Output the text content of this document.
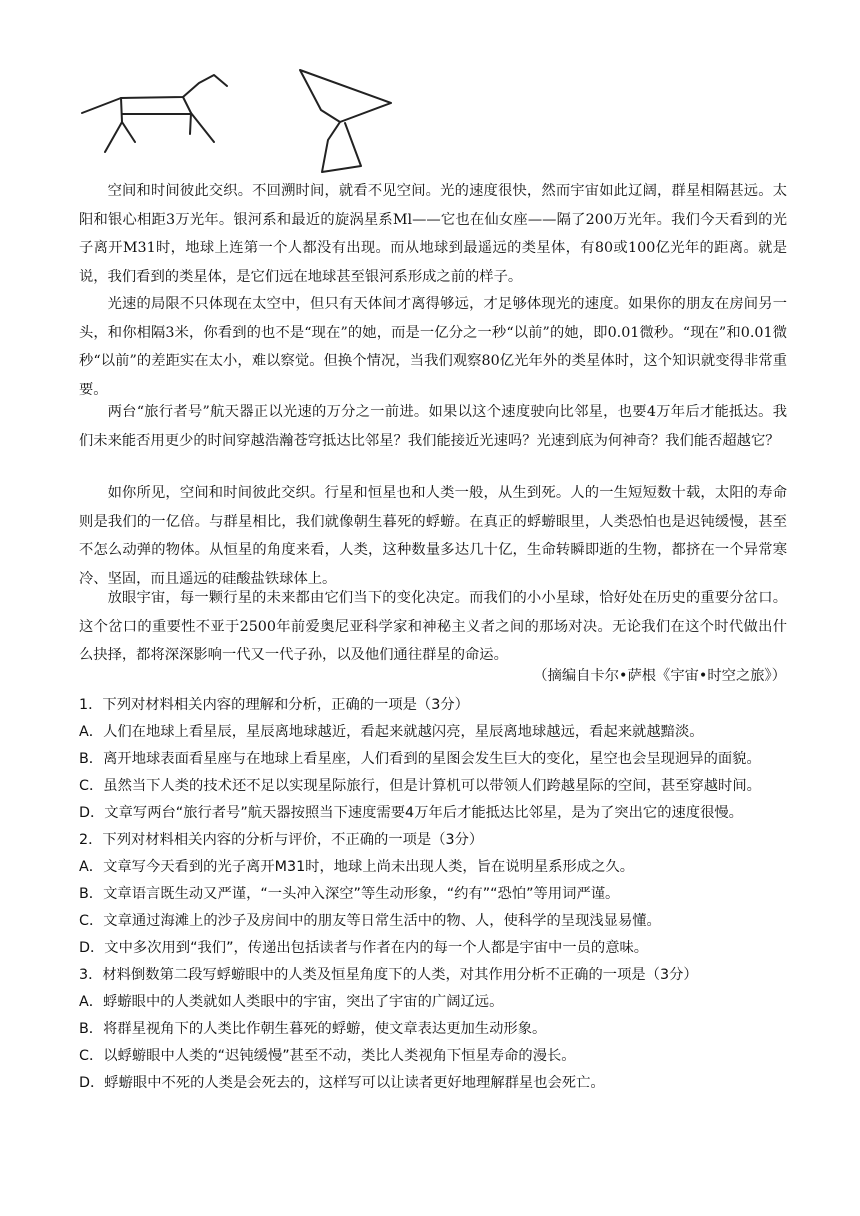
空间和时间彼此交织。不回溯时间，就看不见空间。光的速度很快，然而宇宙如此辽阔，群星相隔甚远。太阳和银心相距3万光年。银河系和最近的旋涡星系Ml——它也在仙女座——隔了200万光年。我们今天看到的光子离开M31时，地球上连第一个人都没有出现。而从地球到最遥远的类星体，有80或100亿光年的距离。就是说，我们看到的类星体，是它们远在地球甚至银河系形成之前的样子。

光速的局限不只体现在太空中，但只有天体间才离得够远，才足够体现光的速度。如果你的朋友在房间另一头，和你相隔3米，你看到的也不是“现在”的她，而是一亿分之一秒“以前”的她，即0.01微秒。“现在”和0.01微秒“以前”的差距实在太小，难以察觉。但换个情况，当我们观察80亿光年外的类星体时，这个知识就变得非常重要。

两台“旅行者号”航天器正以光速的万分之一前进。如果以这个速度驶向比邻星，也要4万年后才能抵达。我们未来能否用更少的时间穿越浩瀚苍穹抵达比邻星？我们能接近光速吗？光速到底为何神奇？我们能否超越它？

如你所见，空间和时间彼此交织。行星和恒星也和人类一般，从生到死。人的一生短短数十载，太阳的寿命则是我们的一亿倍。与群星相比，我们就像朝生暮死的蜉蝣。在真正的蜉蝣眼里，人类恐怕也是迟钝缓慢，甚至不怎么动弹的物体。从恒星的角度来看，人类，这种数量多达几十亿，生命转瞬即逝的生物，都挤在一个异常寒冷、坚固，而且遥远的硅酸盐铁球体上。

放眼宇宙，每一颗行星的未来都由它们当下的变化决定。而我们的小小星球，恰好处在历史的重要分岔口。这个岔口的重要性不亚于2500年前爱奥尼亚科学家和神秘主义者之间的那场对决。无论我们在这个时代做出什么抉择，都将深深影响一代又一代子孙，以及他们通往群星的命运。

（摘编自卡尔•萨根《宇宙•时空之旅》）

1．下列对材料相关内容的理解和分析，正确的一项是（3分）

A．人们在地球上看星辰，星辰离地球越近，看起来就越闪亮，星辰离地球越远，看起来就越黯淡。

B．离开地球表面看星座与在地球上看星座，人们看到的星图会发生巨大的变化，星空也会呈现迥异的面貌。

C．虽然当下人类的技术还不足以实现星际旅行，但是计算机可以带领人们跨越星际的空间，甚至穿越时间。

D．文章写两台“旅行者号”航天器按照当下速度需要4万年后才能抵达比邻星，是为了突出它的速度很慢。

2．下列对材料相关内容的分析与评价，不正确的一项是（3分）

A．文章写今天看到的光子离开M31时，地球上尚未出现人类，旨在说明星系形成之久。

B．文章语言既生动又严谨，“一头冲入深空”等生动形象，“约有”“恐怕”等用词严谨。

C．文章通过海滩上的沙子及房间中的朋友等日常生活中的物、人，使科学的呈现浅显易懂。

D．文中多次用到“我们”，传递出包括读者与作者在内的每一个人都是宇宙中一员的意味。

3．材料倒数第二段写蜉蝣眼中的人类及恒星角度下的人类，对其作用分析不正确的一项是（3分）

A．蜉蝣眼中的人类就如人类眼中的宇宙，突出了宇宙的广阔辽远。

B．将群星视角下的人类比作朝生暮死的蜉蝣，使文章表达更加生动形象。

C．以蜉蝣眼中人类的“迟钝缓慢”甚至不动，类比人类视角下恒星寿命的漫长。

D．蜉蝣眼中不死的人类是会死去的，这样写可以让读者更好地理解群星也会死亡。
